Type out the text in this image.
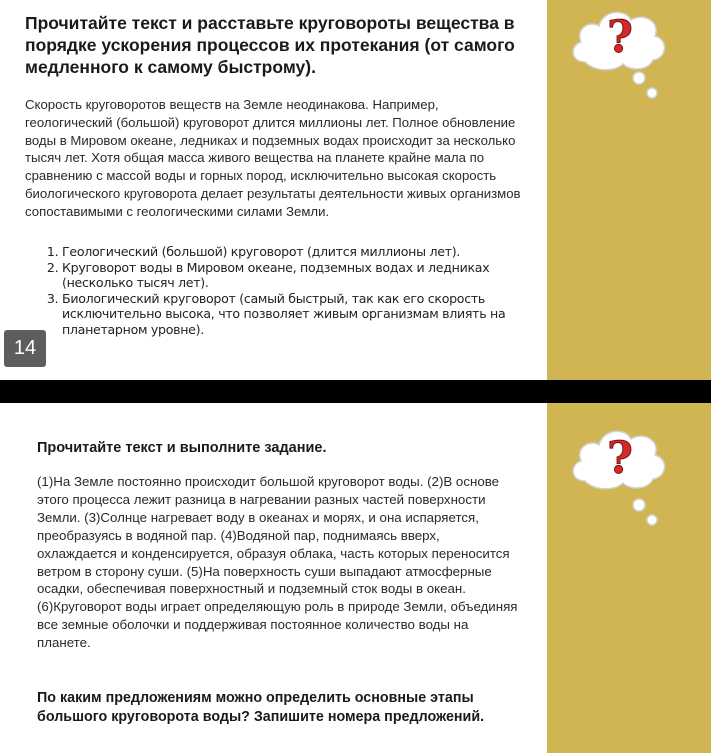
?
Прочитайте текст и расставьте круговороты вещества в порядке ускорения процессов их протекания (от самого медленного к самому быстрому).

Скорость круговоротов веществ на Земле неодинакова. Например, геологический (большой) круговорот длится миллионы лет. Полное обновление воды в Мировом океане, ледниках и подземных водах происходит за несколько тысяч лет. Хотя общая масса живого вещества на планете крайне мала по сравнению с массой воды и горных пород, исключительно высокая скорость биологического круговорота делает результаты деятельности живых организмов сопоставимыми с геологическими силами Земли.

1. Геологический (большой) круговорот (длится миллионы лет).
2. Круговорот воды в Мировом океане, подземных водах и ледниках (несколько тысяч лет).
3. Биологический круговорот (самый быстрый, так как его скорость исключительно высока, что позволяет живым организмам влиять на планетарном уровне).
14
?
Прочитайте текст и выполните задание.

(1)На Земле постоянно происходит большой круговорот воды. (2)В основе этого процесса лежит разница в нагревании разных частей поверхности Земли. (3)Солнце нагревает воду в океанах и морях, и она испаряется, преобразуясь в водяной пар. (4)Водяной пар, поднимаясь вверх, охлаждается и конденсируется, образуя облака, часть которых переносится ветром в сторону суши. (5)На поверхность суши выпадают атмосферные осадки, обеспечивая поверхностный и подземный сток воды в океан. (6)Круговорот воды играет определяющую роль в природе Земли, объединяя все земные оболочки и поддерживая постоянное количество воды на планете.

По каким предложениям можно определить основные этапы большого круговорота воды? Запишите номера предложений.
